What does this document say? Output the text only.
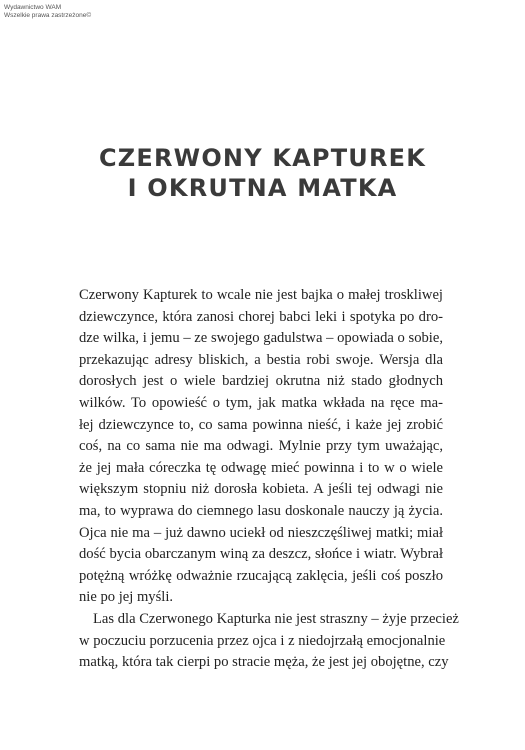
Wydawnictwo WAM
Wszelkie prawa zastrzeżone©
CZERWONY KAPTUREK
I OKRUTNA MATKA
Czerwony Kapturek to wcale nie jest bajka o małej troskliwej
dziewczynce, która zanosi chorej babci leki i spotyka po dro-
dze wilka, i jemu – ze swojego gadulstwa – opowiada o sobie,
przekazując adresy bliskich, a bestia robi swoje. Wersja dla
dorosłych jest o wiele bardziej okrutna niż stado głodnych
wilków. To opowieść o tym, jak matka wkłada na ręce ma-
łej dziewczynce to, co sama powinna nieść, i każe jej zrobić
coś, na co sama nie ma odwagi. Mylnie przy tym uważając,
że jej mała córeczka tę odwagę mieć powinna i to w o wiele
większym stopniu niż dorosła kobieta. A jeśli tej odwagi nie
ma, to wyprawa do ciemnego lasu doskonale nauczy ją życia.
Ojca nie ma – już dawno uciekł od nieszczęśliwej matki; miał
dość bycia obarczanym winą za deszcz, słońce i wiatr. Wybrał
potężną wróżkę odważnie rzucającą zaklęcia, jeśli coś poszło
nie po jej myśli.
Las dla Czerwonego Kapturka nie jest straszny – żyje przecież
w poczuciu porzucenia przez ojca i z niedojrzałą emocjonalnie
matką, która tak cierpi po stracie męża, że jest jej obojętne, czy
